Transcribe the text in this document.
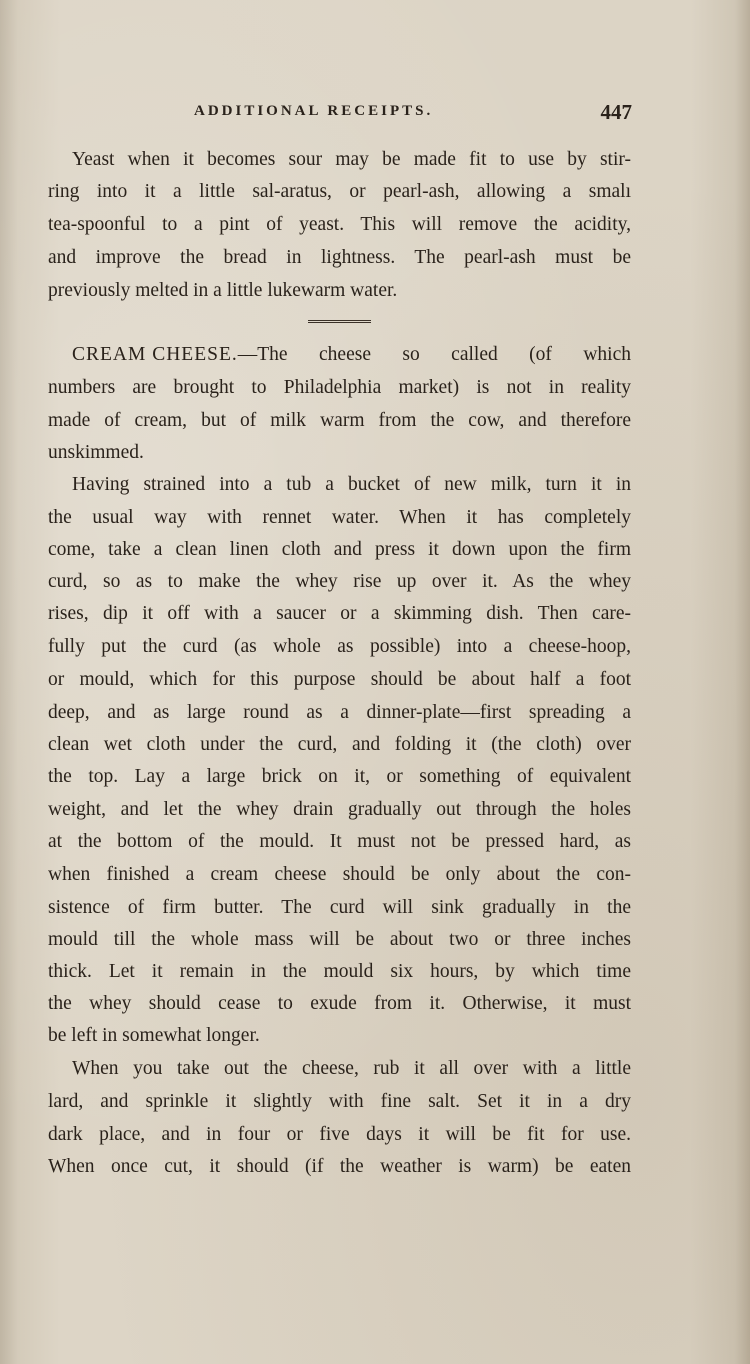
ADDITIONAL RECEIPTS.	447
Yeast when it becomes sour may be made fit to use by stir-
ring into it a little sal-aratus, or pearl-ash, allowing a smalı
tea-spoonful to a pint of yeast. This will remove the acidity,
and improve the bread in lightness. The pearl-ash must be
previously melted in a little lukewarm water.
CREAM CHEESE. —The cheese so called (of which
numbers are brought to Philadelphia market) is not in reality
made of cream, but of milk warm from the cow, and therefore
unskimmed.
Having strained into a tub a bucket of new milk, turn it in
the usual way with rennet water. When it has completely
come, take a clean linen cloth and press it down upon the firm
curd, so as to make the whey rise up over it. As the whey
rises, dip it off with a saucer or a skimming dish. Then care-
fully put the curd (as whole as possible) into a cheese-hoop,
or mould, which for this purpose should be about half a foot
deep, and as large round as a dinner-plate—first spreading a
clean wet cloth under the curd, and folding it (the cloth) over
the top. Lay a large brick on it, or something of equivalent
weight, and let the whey drain gradually out through the holes
at the bottom of the mould. It must not be pressed hard, as
when finished a cream cheese should be only about the con-
sistence of firm butter. The curd will sink gradually in the
mould till the whole mass will be about two or three inches
thick. Let it remain in the mould six hours, by which time
the whey should cease to exude from it. Otherwise, it must
be left in somewhat longer.
When you take out the cheese, rub it all over with a little
lard, and sprinkle it slightly with fine salt. Set it in a dry
dark place, and in four or five days it will be fit for use.
When once cut, it should (if the weather is warm) be eaten
